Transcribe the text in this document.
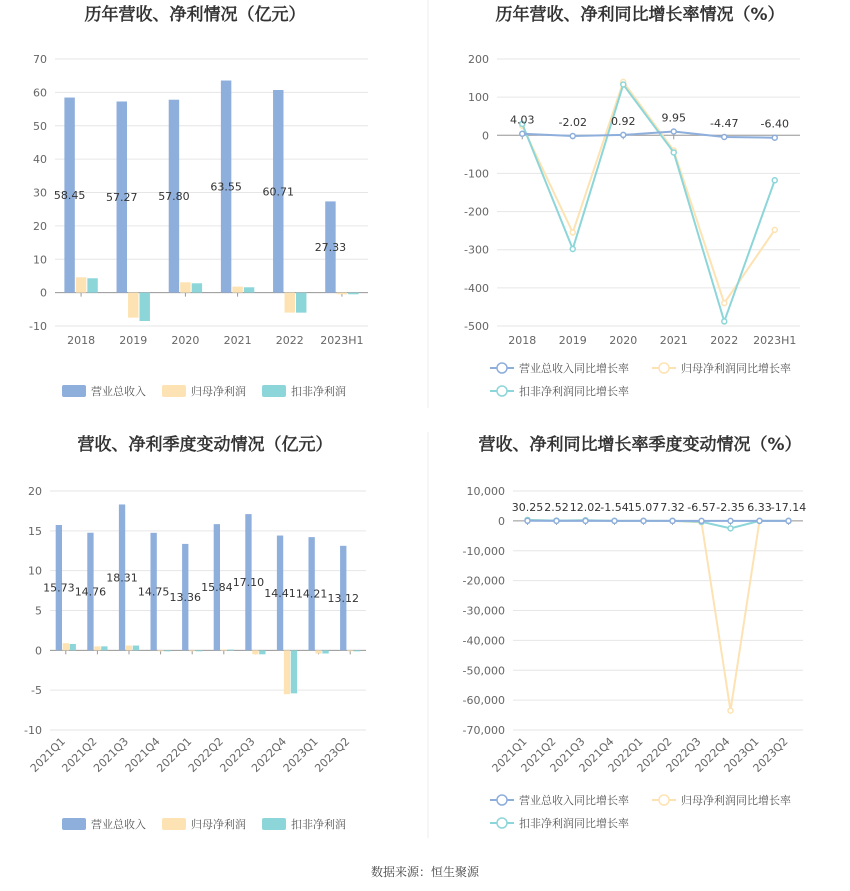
历年营收、净利情况（亿元）
-10
0
10
20
30
40
50
60
70
2018 2019 2020 2021 2022 2023H1
58.45 57.27 57.80
63.55 60.71
27.33
营业总收入	归母净利润	扣非净利润
历年营收、净利同比增长率情况（%）
-500
-400
-300
-200
-100
0
100
200
2018 2019 2020 2021 2022 2023H1
4.03 -2.02 0.92 9.95 -4.47 -6.40
营业总收入同比增长率	归母净利润同比增长率
扣非净利润同比增长率
营收、净利季度变动情况（亿元）
-10
-5
0
5
10
15
20
2021Q1
2021Q2
2021Q3
2021Q4
2022Q1
2022Q2
2022Q3
2022Q4
2023Q1
2023Q2
15.73 14.76
18.31
14.75 13.36
15.84 17.10
14.41 14.21 13.12
营业总收入	归母净利润	扣非净利润
营收、净利同比增长率季度变动情况（%）
-70,000
-60,000
-50,000
-40,000
-30,000
-20,000
-10,000
0
10,000
2021Q1
2021Q2
2021Q3
2021Q4
2022Q1
2022Q2
2022Q3
2022Q4
2023Q1
2023Q2
30.25 2.52 12.02 -1.54 15.07 7.32 -6.57 -2.35 6.33 -17.14
营业总收入同比增长率	归母净利润同比增长率
扣非净利润同比增长率
数据来源：恒生聚源
